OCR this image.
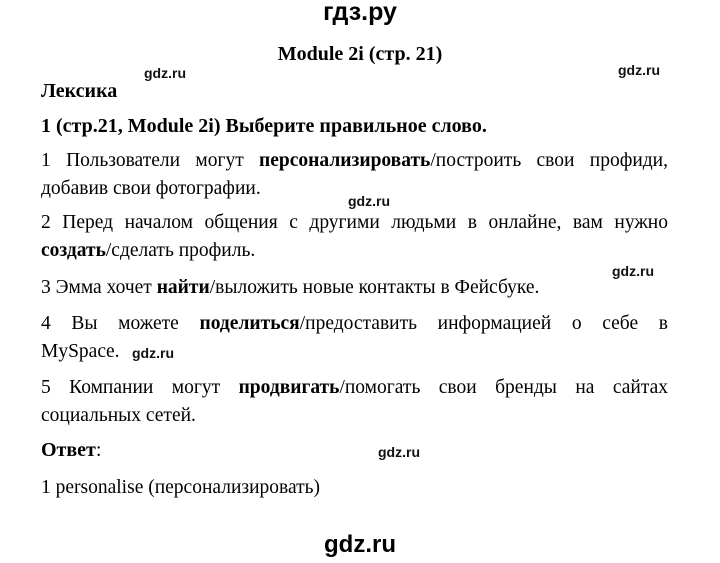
гдз.ру
Module 2i (стр. 21)
Лексика
1 (стр.21, Module 2i) Выберите правильное слово.
1 Пользователи могут персонализировать/построить свои профиди,
добавив свои фотографии.
2 Перед началом общения с другими людьми в онлайне, вам нужно
создать/сделать профиль.
3 Эмма хочет найти/выложить новые контакты в Фейсбуке.
4 Вы можете поделиться/предоставить информацией о себе в
MySpace.
5 Компании могут продвигать/помогать свои бренды на сайтах
социальных сетей.
Ответ:
1 personalise (персонализировать)
gdz.ru	gdz.ru
gdz.ru
gdz.ru
gdz.ru
gdz.ru
gdz.ru
